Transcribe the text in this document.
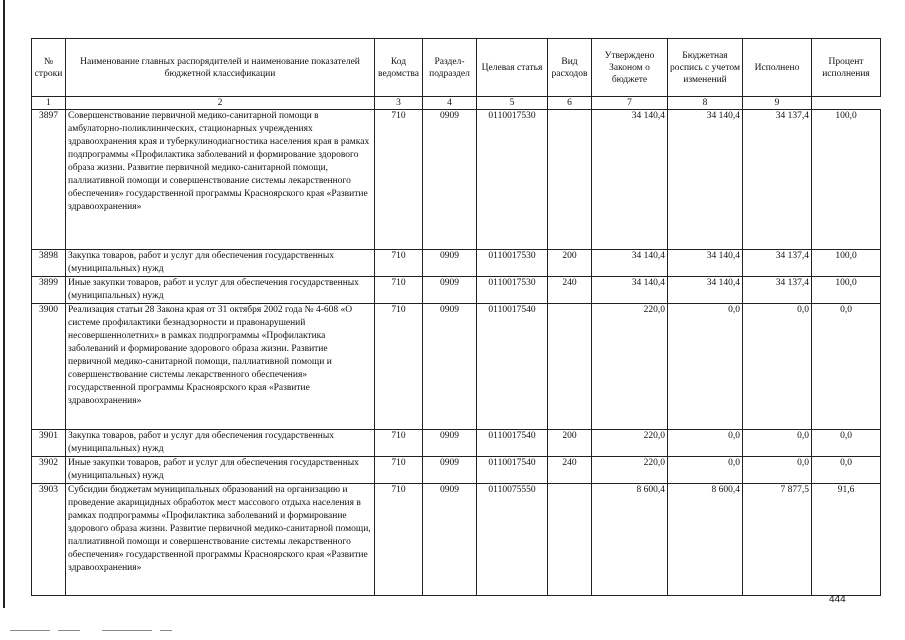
№ строки	Наименование главных распорядителей и наименование показателей бюджетной классификации	Код ведомства	Раздел-подраздел	Целевая статья	Вид расходов	Утверждено Законом о бюджете	Бюджетная роспись с учетом изменений	Исполнено	Процент исполнения
1	2	3	4	5	6	7	8	9
3897	Совершенствование первичной медико-санитарной помощи в амбулаторно-поликлинических, стационарных учреждениях здравоохранения края и туберкулинодиагностика населения края в рамках подпрограммы «Профилактика заболеваний и формирование здорового образа жизни. Развитие первичной медико-санитарной помощи, паллиативной помощи и совершенствование системы лекарственного обеспечения» государственной программы Красноярского края «Развитие здравоохранения»	710	0909	0110017530		34 140,4	34 140,4	34 137,4	100,0
3898	Закупка товаров, работ и услуг для обеспечения государственных (муниципальных) нужд	710	0909	0110017530	200	34 140,4	34 140,4	34 137,4	100,0
3899	Иные закупки товаров, работ и услуг для обеспечения государственных (муниципальных) нужд	710	0909	0110017530	240	34 140,4	34 140,4	34 137,4	100,0
3900	Реализация статьи 28 Закона края от 31 октября 2002 года № 4-608 «О системе профилактики безнадзорности и правонарушений несовершеннолетних» в рамках подпрограммы «Профилактика заболеваний и формирование здорового образа жизни. Развитие первичной медико-санитарной помощи, паллиативной помощи и совершенствование системы лекарственного обеспечения» государственной программы Красноярского края «Развитие здравоохранения»	710	0909	0110017540		220,0	0,0	0,0	0,0
3901	Закупка товаров, работ и услуг для обеспечения государственных (муниципальных) нужд	710	0909	0110017540	200	220,0	0,0	0,0	0,0
3902	Иные закупки товаров, работ и услуг для обеспечения государственных (муниципальных) нужд	710	0909	0110017540	240	220,0	0,0	0,0	0,0
3903	Субсидии бюджетам муниципальных образований на организацию и проведение акарицидных обработок мест массового отдыха населения в рамках подпрограммы «Профилактика заболеваний и формирование здорового образа жизни. Развитие первичной медико-санитарной помощи, паллиативной помощи и совершенствование системы лекарственного обеспечения» государственной программы Красноярского края «Развитие здравоохранения»	710	0909	0110075550		8 600,4	8 600,4	7 877,5	91,6
444
